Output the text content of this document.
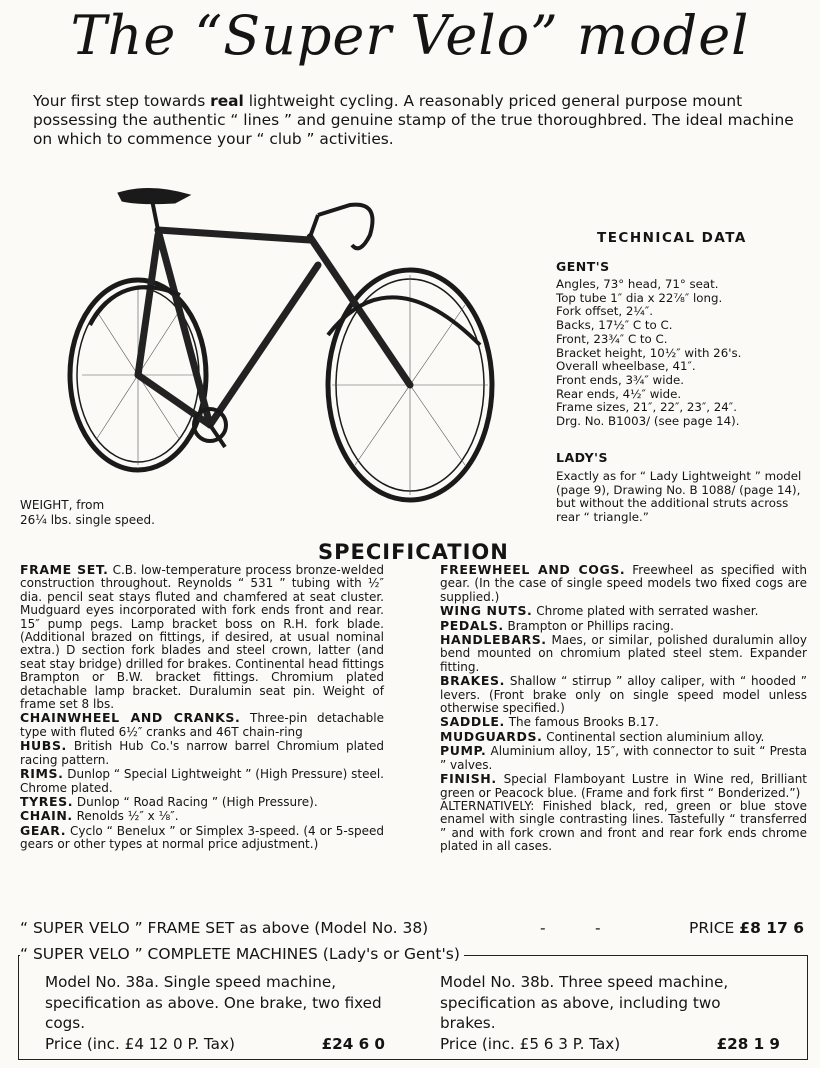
The “Super Velo” model
Your first step towards real lightweight cycling. A reasonably priced general purpose mount possessing the authentic “ lines ” and genuine stamp of the true thoroughbred. The ideal machine on which to commence your “ club ” activities.
WEIGHT, from
26¼ lbs. single speed.
TECHNICAL DATA
GENT'S
Angles, 73° head, 71° seat.
Top tube 1″ dia x 22⅞″ long.
Fork offset, 2¼″.
Backs, 17½″ C to C.
Front, 23¾″ C to C.
Bracket height, 10½″ with 26's.
Overall wheelbase, 41″.
Front ends, 3¾″ wide.
Rear ends, 4½″ wide.
Frame sizes, 21″, 22″, 23″, 24″.
Drg. No. B1003/ (see page 14).
LADY'S
Exactly as for “ Lady Lightweight ” model (page 9), Drawing No. B 1088/ (page 14), but without the additional struts across rear “ triangle.”
SPECIFICATION

FRAME SET. C.B. low-temperature process bronze-welded construction throughout. Reynolds “ 531 ” tubing with ½″ dia. pencil seat stays fluted and chamfered at seat cluster. Mudguard eyes incorporated with fork ends front and rear. 15″ pump pegs. Lamp bracket boss on R.H. fork blade. (Additional brazed on fittings, if desired, at usual nominal extra.) D section fork blades and steel crown, latter (and seat stay bridge) drilled for brakes. Continental head fittings Brampton or B.W. bracket fittings. Chromium plated detachable lamp bracket. Duralumin seat pin. Weight of frame set 8 lbs.

CHAINWHEEL AND CRANKS. Three-pin detachable type with fluted 6½″ cranks and 46T chain-ring

HUBS. British Hub Co.'s narrow barrel Chromium plated racing pattern.

RIMS. Dunlop “ Special Lightweight ” (High Pressure) steel. Chrome plated.

TYRES. Dunlop “ Road Racing ” (High Pressure).

CHAIN. Renolds ½″ x ⅛″.

GEAR. Cyclo “ Benelux ” or Simplex 3-speed. (4 or 5-speed gears or other types at normal price adjustment.)

FREEWHEEL AND COGS. Freewheel as specified with gear. (In the case of single speed models two fixed cogs are supplied.)

WING NUTS. Chrome plated with serrated washer.

PEDALS. Brampton or Phillips racing.

HANDLEBARS. Maes, or similar, polished duralumin alloy bend mounted on chromium plated steel stem. Expander fitting.

BRAKES. Shallow “ stirrup ” alloy caliper, with “ hooded ” levers. (Front brake only on single speed model unless otherwise specified.)

SADDLE. The famous Brooks B.17.

MUDGUARDS. Continental section aluminium alloy.

PUMP. Aluminium alloy, 15″, with connector to suit “ Presta ” valves.

FINISH. Special Flamboyant Lustre in Wine red, Brilliant green or Peacock blue. (Frame and fork first “ Bonderized.”)

ALTERNATIVELY: Finished black, red, green or blue stove enamel with single contrasting lines. Tastefully “ transferred ” and with fork crown and front and rear fork ends chrome plated in all cases.

“ SUPER VELO ” FRAME SET as above (Model No. 38)	-	-	PRICE £8 17 6
“ SUPER VELO ” COMPLETE MACHINES (Lady's or Gent's)
Model No. 38a. Single speed machine, specification as above. One brake, two fixed cogs.
Price (inc. £4 12 0 P. Tax)	£24 6 0
Model No. 38b. Three speed machine, specification as above, including two brakes.
Price (inc. £5 6 3 P. Tax)	£28 1 9
